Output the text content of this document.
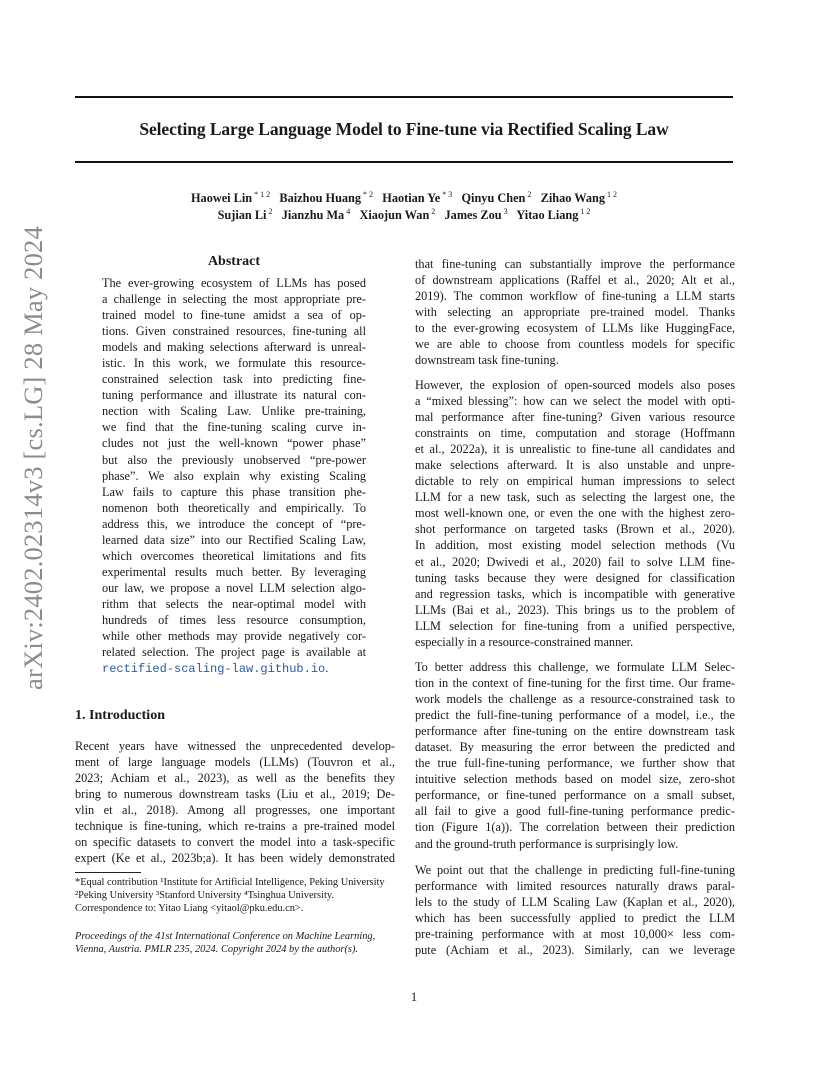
Selecting Large Language Model to Fine-tune via Rectified Scaling Law
Haowei Lin $^{* 1 2}$  Baizhou Huang $^{* 2}$  Haotian Ye $^{* 3}$  Qinyu Chen $^2$  Zihao Wang $^{1 2}$
Sujian Li $^2$  Jianzhu Ma $^4$  Xiaojun Wan $^2$  James Zou $^3$  Yitao Liang $^{1 2}$
arXiv:2402.02314v3 [cs.LG] 28 May 2024	Abstract
The ever-growing ecosystem of LLMs has posed
a challenge in selecting the most appropriate pre-
trained model to fine-tune amidst a sea of op-
tions. Given constrained resources, fine-tuning all
models and making selections afterward is unreal-
istic. In this work, we formulate this resource-
constrained selection task into predicting fine-
tuning performance and illustrate its natural con-
nection with Scaling Law. Unlike pre-training,
we find that the fine-tuning scaling curve in-
cludes not just the well-known “power phase”
but also the previously unobserved “pre-power
phase”. We also explain why existing Scaling
Law fails to capture this phase transition phe-
nomenon both theoretically and empirically. To
address this, we introduce the concept of “pre-
learned data size” into our Rectified Scaling Law,
which overcomes theoretical limitations and fits
experimental results much better. By leveraging
our law, we propose a novel LLM selection algo-
rithm that selects the near-optimal model with
hundreds of times less resource consumption,
while other methods may provide negatively cor-
related selection. The project page is available at
rectified-scaling-law.github.io.
1. Introduction
Recent years have witnessed the unprecedented develop-
ment of large language models (LLMs) (Touvron et al.,
2023; Achiam et al., 2023), as well as the benefits they
bring to numerous downstream tasks (Liu et al., 2019; De-
vlin et al., 2018). Among all progresses, one important
technique is fine-tuning, which re-trains a pre-trained model
on specific datasets to convert the model into a task-specific
expert (Ke et al., 2023b;a). It has been widely demonstrated
*Equal contribution ¹Institute for Artificial Intelligence, Peking University ²Peking University ³Stanford University ⁴Tsinghua University. Correspondence to: Yitao Liang <yitaol@pku.edu.cn>.
Proceedings of the 41st International Conference on Machine Learning, Vienna, Austria. PMLR 235, 2024. Copyright 2024 by the author(s).
that fine-tuning can substantially improve the performance
of downstream applications (Raffel et al., 2020; Alt et al.,
2019). The common workflow of fine-tuning a LLM starts
with selecting an appropriate pre-trained model. Thanks
to the ever-growing ecosystem of LLMs like HuggingFace,
we are able to choose from countless models for specific
downstream task fine-tuning.
However, the explosion of open-sourced models also poses
a “mixed blessing”: how can we select the model with opti-
mal performance after fine-tuning? Given various resource
constraints on time, computation and storage (Hoffmann
et al., 2022a), it is unrealistic to fine-tune all candidates and
make selections afterward. It is also unstable and unpre-
dictable to rely on empirical human impressions to select
LLM for a new task, such as selecting the largest one, the
most well-known one, or even the one with the highest zero-
shot performance on targeted tasks (Brown et al., 2020).
In addition, most existing model selection methods (Vu
et al., 2020; Dwivedi et al., 2020) fail to solve LLM fine-
tuning tasks because they were designed for classification
and regression tasks, which is incompatible with generative
LLMs (Bai et al., 2023). This brings us to the problem of
LLM selection for fine-tuning from a unified perspective,
especially in a resource-constrained manner.
To better address this challenge, we formulate LLM Selec-
tion in the context of fine-tuning for the first time. Our frame-
work models the challenge as a resource-constrained task to
predict the full-fine-tuning performance of a model, i.e., the
performance after fine-tuning on the entire downstream task
dataset. By measuring the error between the predicted and
the true full-fine-tuning performance, we further show that
intuitive selection methods based on model size, zero-shot
performance, or fine-tuned performance on a small subset,
all fail to give a good full-fine-tuning performance predic-
tion (Figure 1(a)). The correlation between their prediction
and the ground-truth performance is surprisingly low.
We point out that the challenge in predicting full-fine-tuning
performance with limited resources naturally draws paral-
lels to the study of LLM Scaling Law (Kaplan et al., 2020),
which has been successfully applied to predict the LLM
pre-training performance with at most 10,000× less com-
pute (Achiam et al., 2023). Similarly, can we leverage
1
